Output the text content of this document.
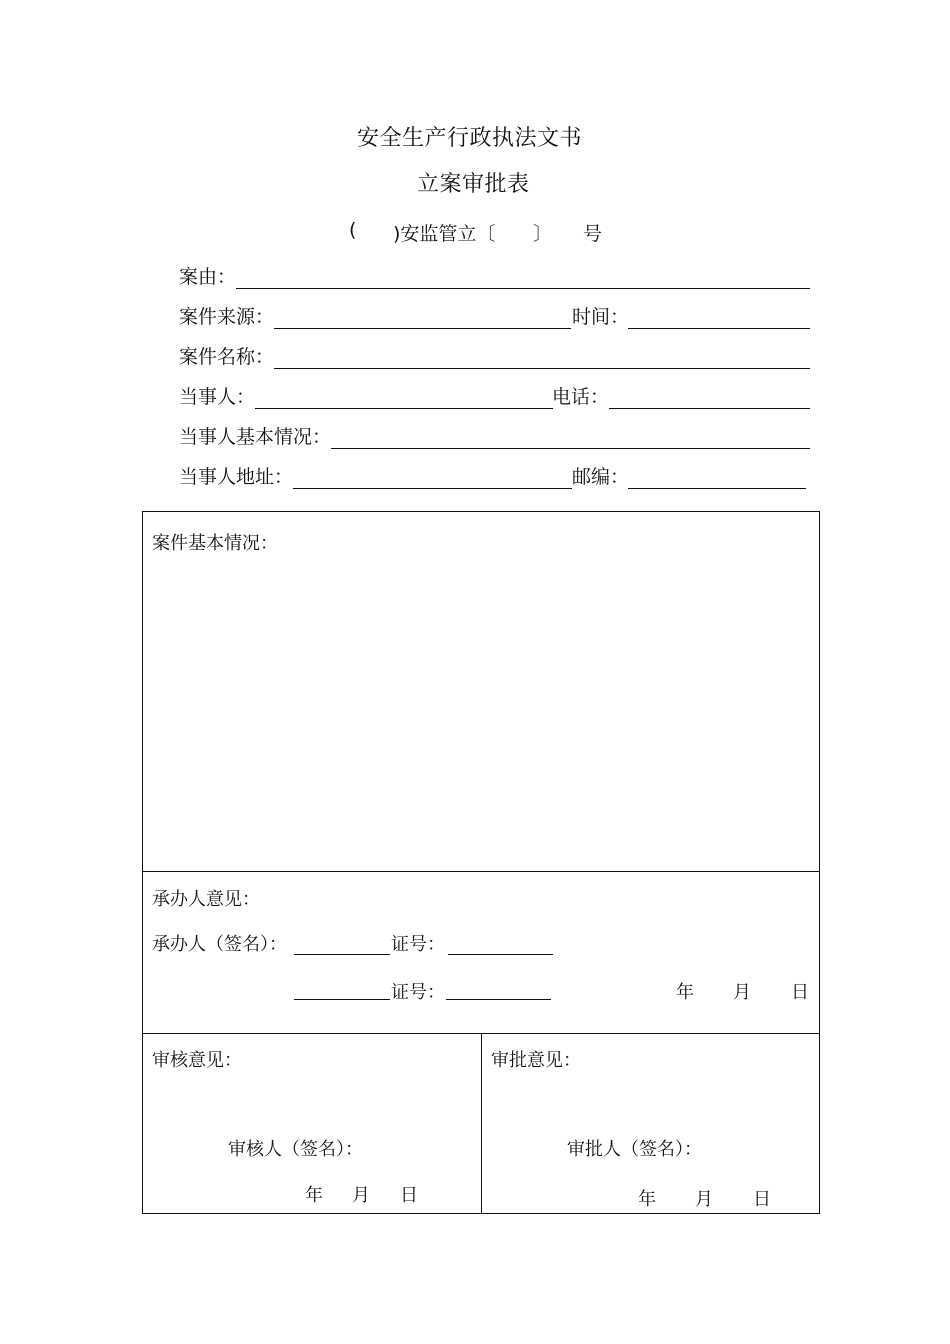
安全生产行政执法文书
立案审批表
( )安监管立〔 〕 号
案由：
案件来源：	时间：
案件名称：
当事人：	电话：
当事人基本情况：
当事人地址：	邮编：
案件基本情况：
承办人意见：
承办人（签名）：	证号：
证号：	年 月 日
审核意见：
审核人（签名）：
年 月 日
审批意见：
审批人（签名）：
年 月 日
